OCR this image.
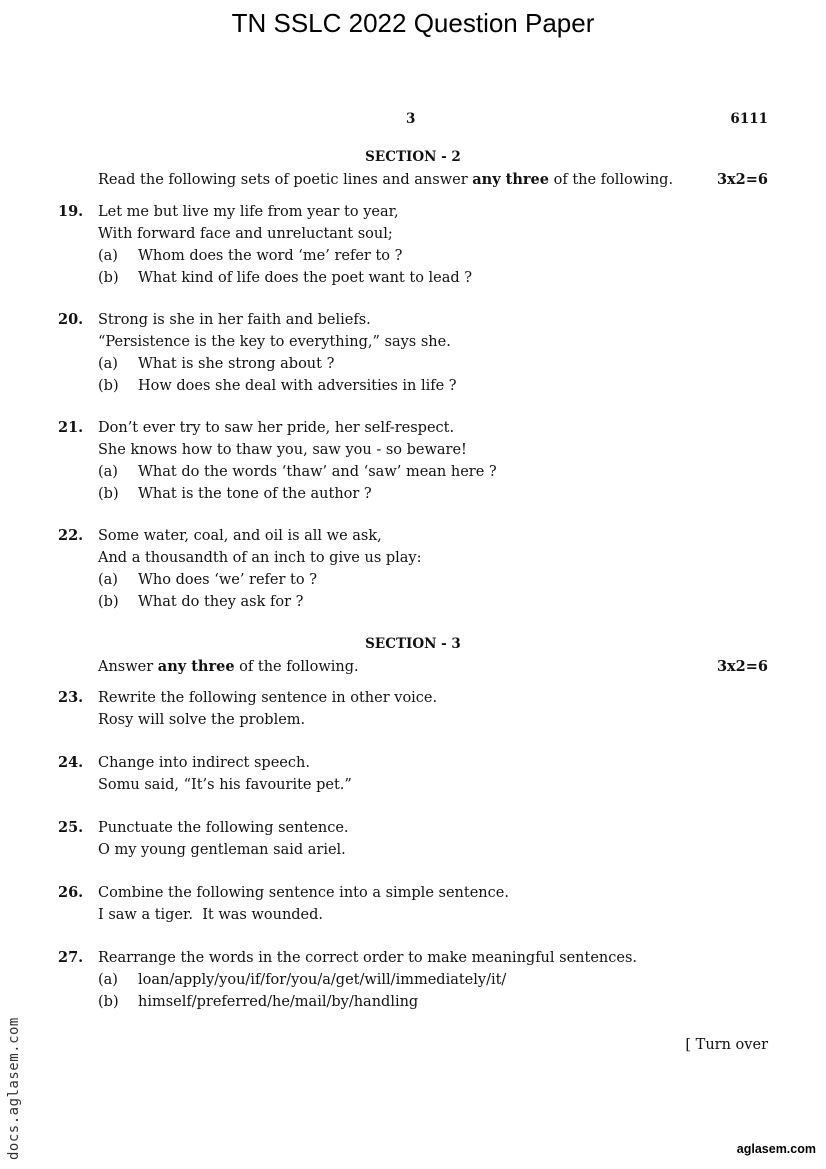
TN SSLC 2022 Question Paper
3	6111
SECTION - 2
Read the following sets of poetic lines and answer any three of the following.	3x2=6
19.	Let me but live my life from year to year,
With forward face and unreluctant soul;
(a) Whom does the word ‘me’ refer to ?
(b) What kind of life does the poet want to lead ?
20.	Strong is she in her faith and beliefs.
“Persistence is the key to everything,” says she.
(a) What is she strong about ?
(b) How does she deal with adversities in life ?
21.	Don’t ever try to saw her pride, her self-respect.
She knows how to thaw you, saw you - so beware!
(a) What do the words ‘thaw’ and ‘saw’ mean here ?
(b) What is the tone of the author ?
22.	Some water, coal, and oil is all we ask,
And a thousandth of an inch to give us play:
(a) Who does ‘we’ refer to ?
(b) What do they ask for ?
SECTION - 3
Answer any three of the following.	3x2=6
23.	Rewrite the following sentence in other voice.
Rosy will solve the problem.
24.	Change into indirect speech.
Somu said, “It’s his favourite pet.”
25.	Punctuate the following sentence.
O my young gentleman said ariel.
26.	Combine the following sentence into a simple sentence.
I saw a tiger.  It was wounded.
27.	Rearrange the words in the correct order to make meaningful sentences.
(a) loan/apply/you/if/for/you/a/get/will/immediately/it/
(b) himself/preferred/he/mail/by/handling
[ Turn over
docs.aglasem.com	aglasem.com
